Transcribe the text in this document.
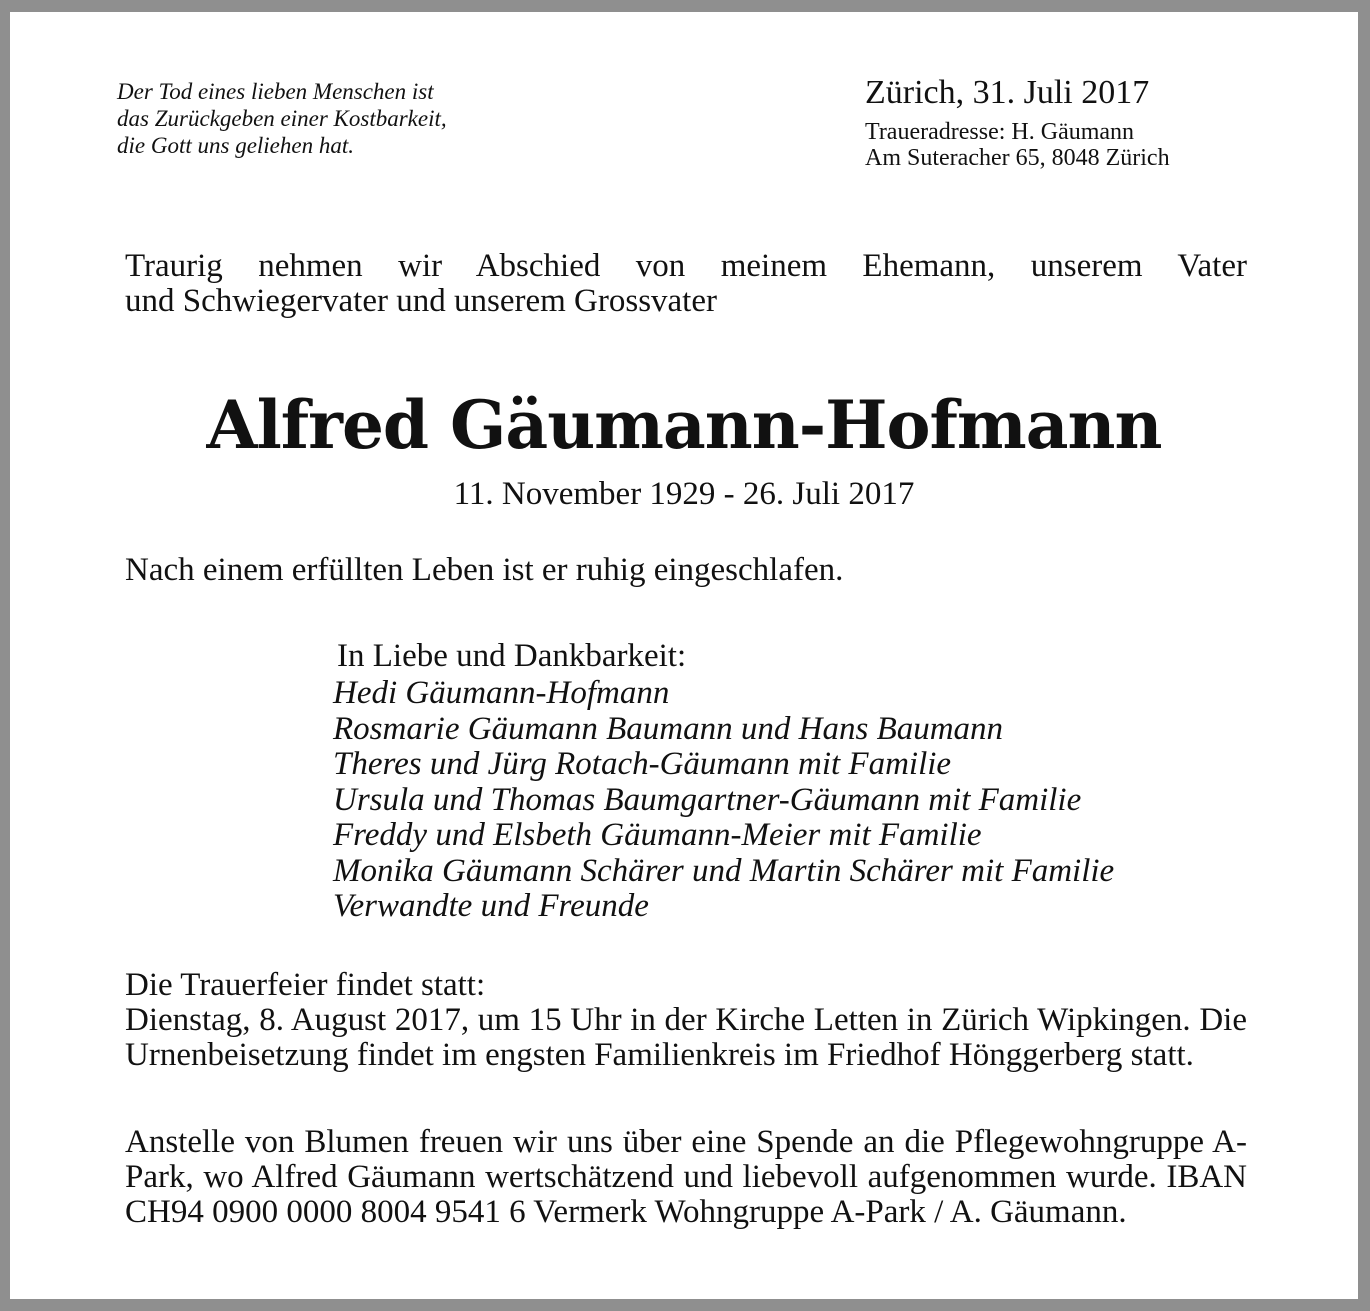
Der Tod eines lieben Menschen ist
das Zurückgeben einer Kostbarkeit,
die Gott uns geliehen hat.
Zürich, 31. Juli 2017
Traueradresse: H. Gäumann
Am Suteracher 65, 8048 Zürich
Traurig nehmen wir Abschied von meinem Ehemann, unserem Vater
und Schwiegervater und unserem Grossvater
Alfred Gäumann-Hofmann
11. November 1929 - 26. Juli 2017
Nach einem erfüllten Leben ist er ruhig eingeschlafen.
In Liebe und Dankbarkeit:
Hedi Gäumann-Hofmann
Rosmarie Gäumann Baumann und Hans Baumann
Theres und Jürg Rotach-Gäumann mit Familie
Ursula und Thomas Baumgartner-Gäumann mit Familie
Freddy und Elsbeth Gäumann-Meier mit Familie
Monika Gäumann Schärer und Martin Schärer mit Familie
Verwandte und Freunde
Die Trauerfeier findet statt:
Dienstag, 8. August 2017, um 15 Uhr in der Kirche Letten in Zürich Wipkingen. Die Urnenbeisetzung findet im engsten Familienkreis im Friedhof Hönggerberg statt.
Anstelle von Blumen freuen wir uns über eine Spende an die Pflegewohngruppe A-Park, wo Alfred Gäumann wertschätzend und liebevoll aufgenommen wurde. IBAN CH94 0900 0000 8004 9541 6 Vermerk Wohngruppe A-Park / A. Gäumann.
